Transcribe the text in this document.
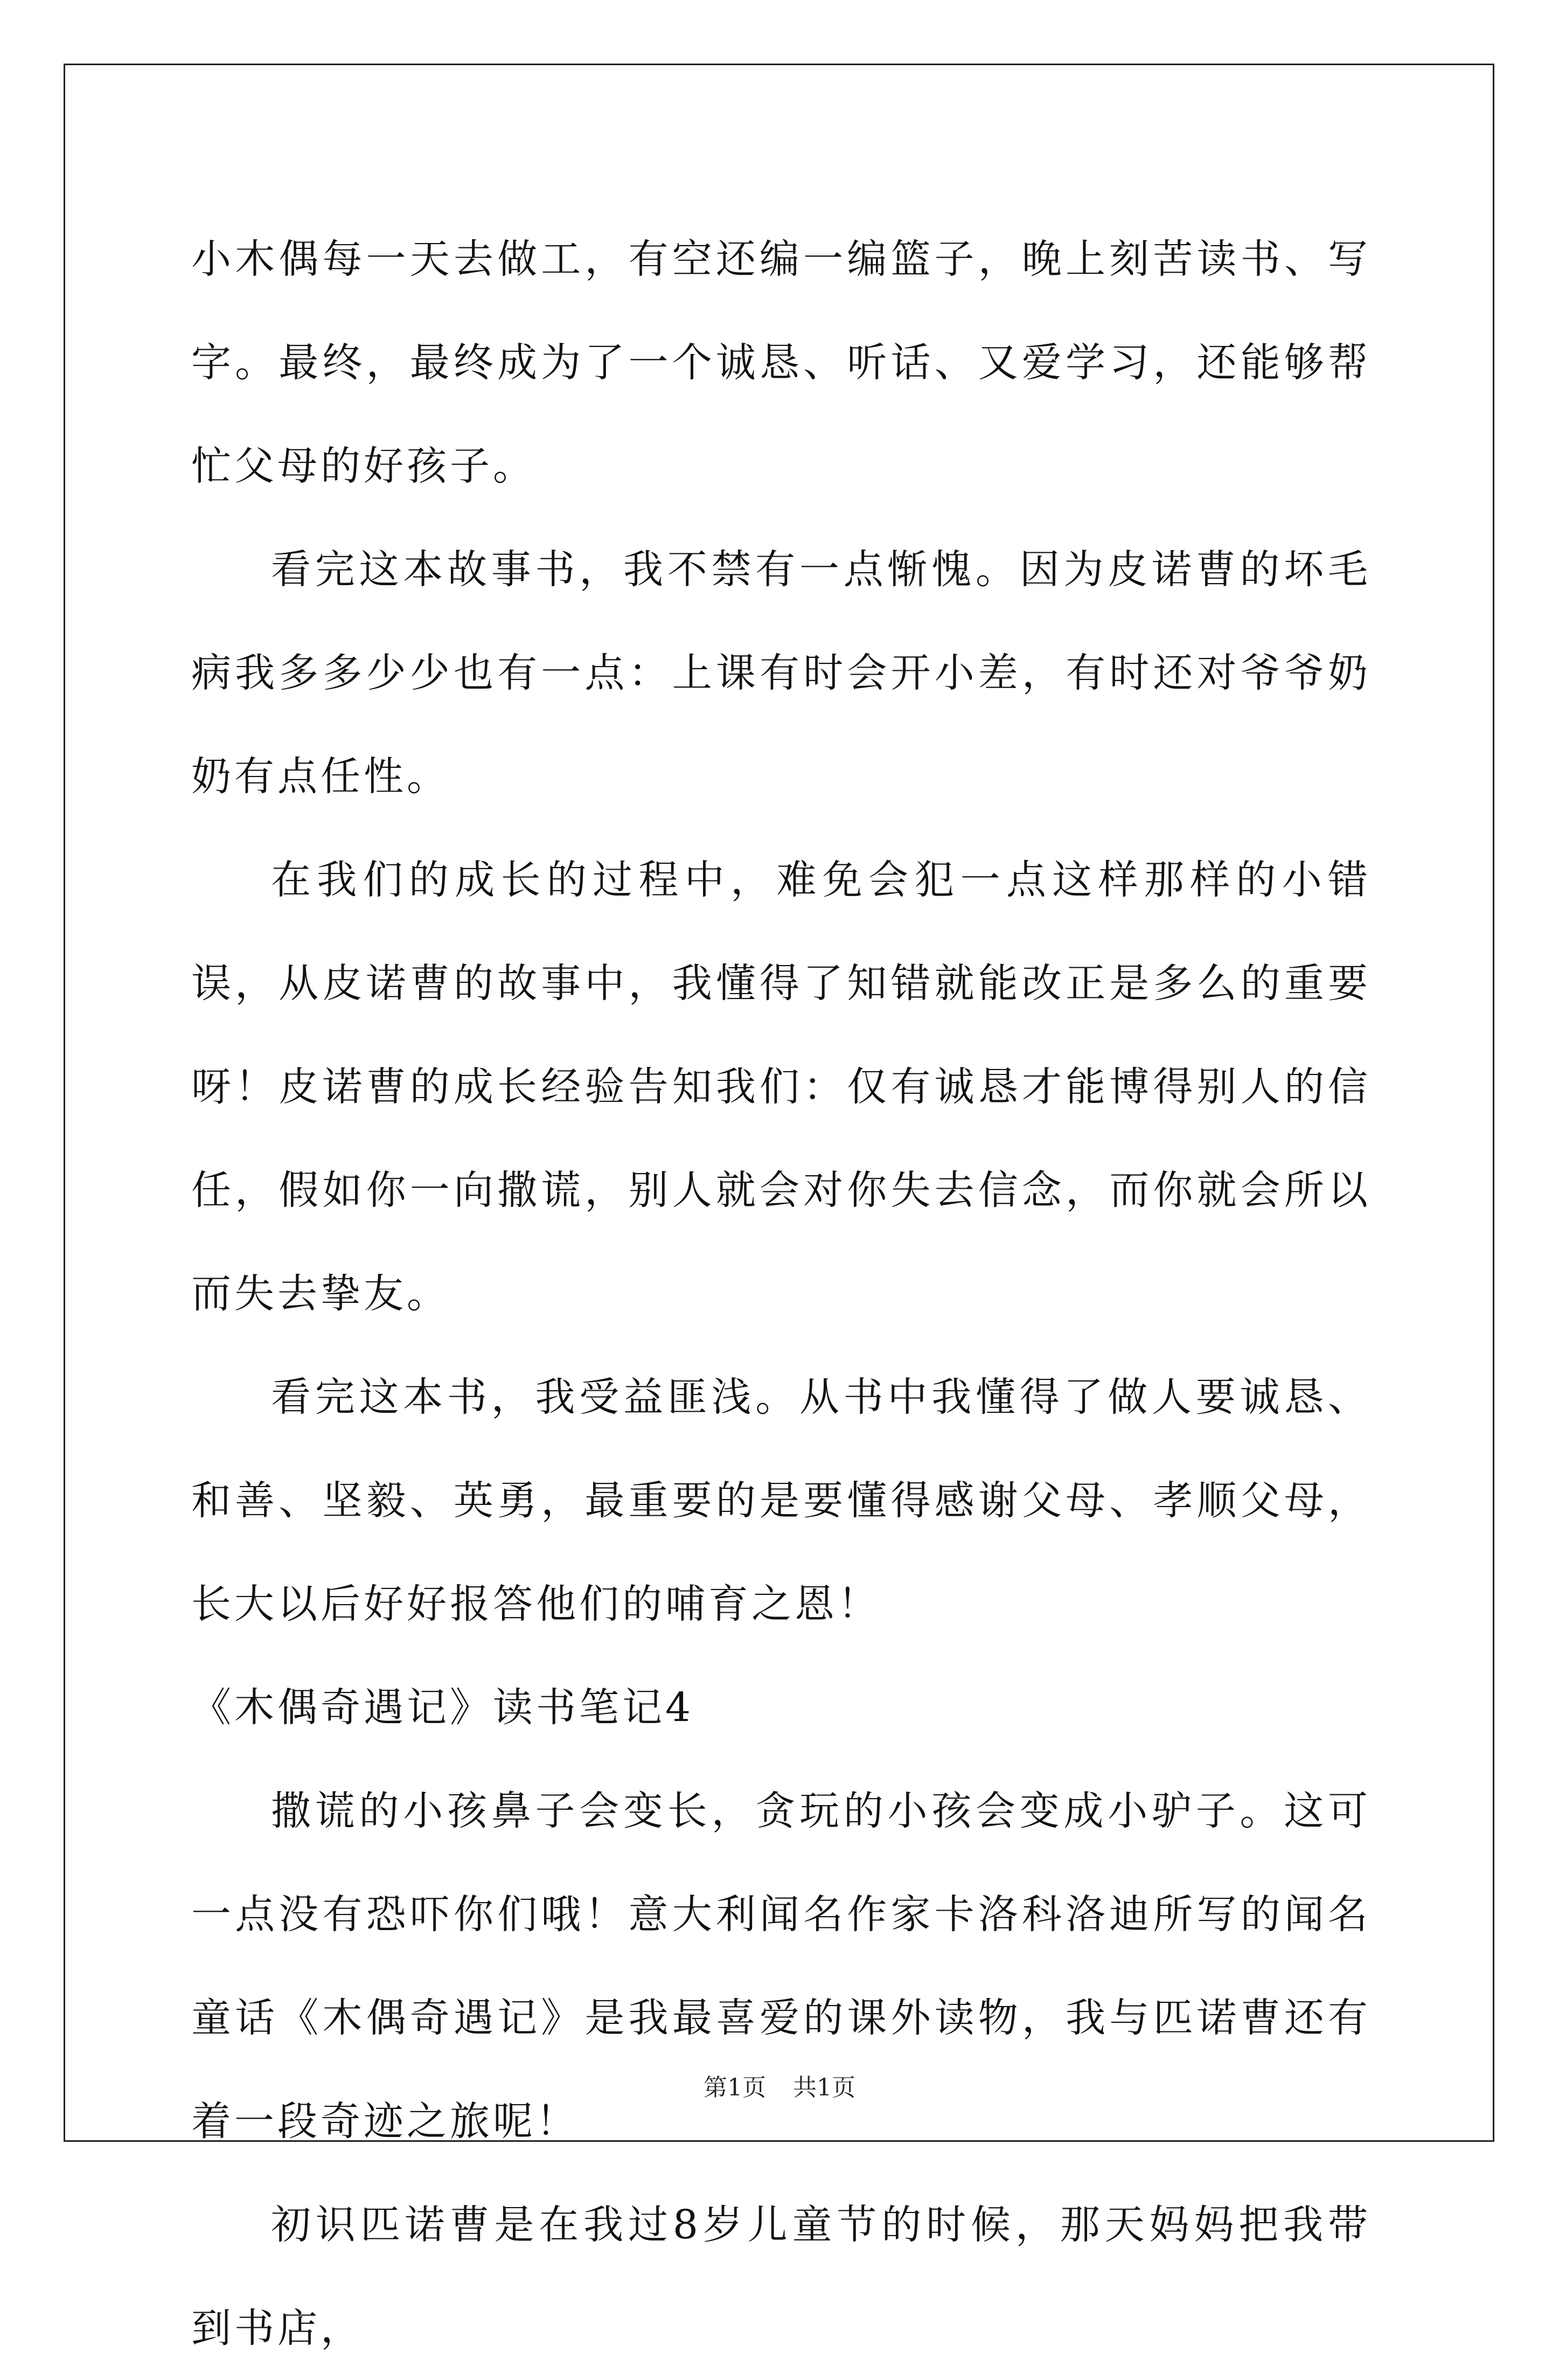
小木偶每一天去做工，有空还编一编篮子，晚上刻苦读书、写字。最终，最终成为了一个诚恳、听话、又爱学习，还能够帮忙父母的好孩子。

看完这本故事书，我不禁有一点惭愧。因为皮诺曹的坏毛病我多多少少也有一点：上课有时会开小差，有时还对爷爷奶奶有点任性。

在我们的成长的过程中，难免会犯一点这样那样的小错误，从皮诺曹的故事中，我懂得了知错就能改正是多么的重要呀！皮诺曹的成长经验告知我们：仅有诚恳才能博得别人的信任，假如你一向撒谎，别人就会对你失去信念，而你就会所以而失去挚友。

看完这本书，我受益匪浅。从书中我懂得了做人要诚恳、和善、坚毅、英勇，最重要的是要懂得感谢父母、孝顺父母，长大以后好好报答他们的哺育之恩！

《木偶奇遇记》读书笔记4

撒谎的小孩鼻子会变长，贪玩的小孩会变成小驴子。这可一点没有恐吓你们哦！意大利闻名作家卡洛科洛迪所写的闻名童话《木偶奇遇记》是我最喜爱的课外读物，我与匹诺曹还有着一段奇迹之旅呢！

初识匹诺曹是在我过8岁儿童节的时候，那天妈妈把我带到书店，

第1页 共1页
